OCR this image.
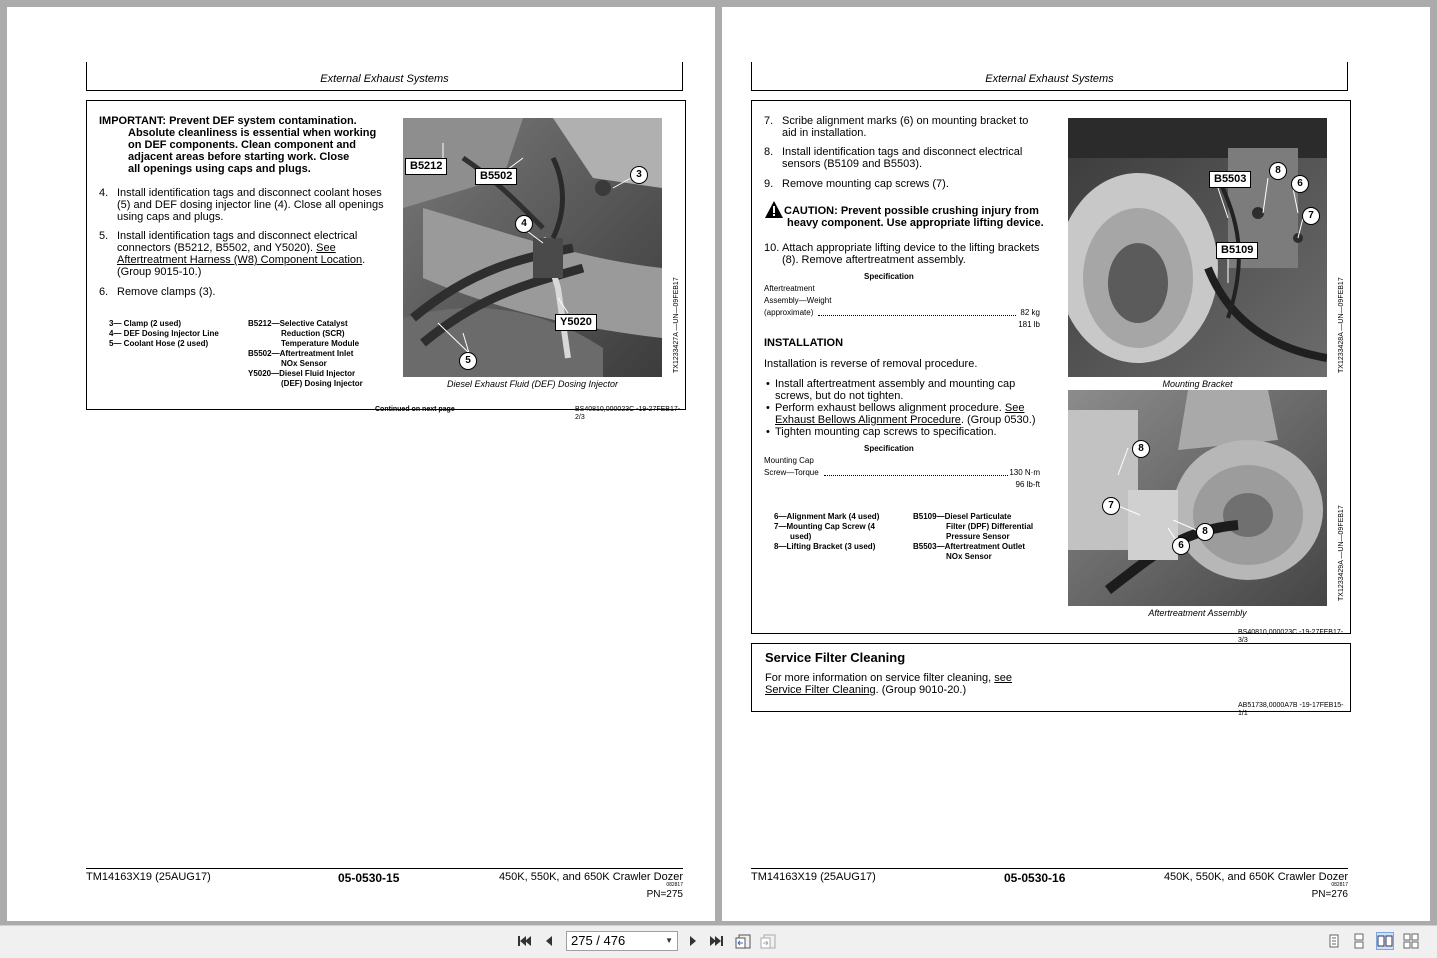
External Exhaust Systems
IMPORTANT: Prevent DEF system contamination.
Absolute cleanliness is essential when working
on DEF components. Clean component and
adjacent areas before starting work. Close
all openings using caps and plugs.
4. Install identification tags and disconnect coolant hoses
(5) and DEF dosing injector line (4). Close all openings
using caps and plugs.
5. Install identification tags and disconnect electrical
connectors (B5212, B5502, and Y5020). See
Aftertreatment Harness (W8) Component Location.
(Group 9015-10.)
6. Remove clamps (3).
3— Clamp (2 used)
4— DEF Dosing Injector Line
5— Coolant Hose (2 used)
B5212—Selective Catalyst
Reduction (SCR)
Temperature Module
B5502—Aftertreatment Inlet
NOx Sensor
Y5020—Diesel Fluid Injector
(DEF) Dosing Injector
B5212
B5502
Y5020
3
4
5	TX1233427A —UN—09FEB17
Diesel Exhaust Fluid (DEF) Dosing Injector
Continued on next page	BS40810,000023C -19-27FEB17-2/3
TM14163X19 (25AUG17)	05-0530-15	450K, 550K, and 650K Crawler Dozer
082817
PN=275
External Exhaust Systems
7. Scribe alignment marks (6) on mounting bracket to
aid in installation.
8. Install identification tags and disconnect electrical
sensors (B5109 and B5503).
9. Remove mounting cap screws (7).
CAUTION: Prevent possible crushing injury from
heavy component. Use appropriate lifting device.
10. Attach appropriate lifting device to the lifting brackets
(8). Remove aftertreatment assembly.
Specification
Aftertreatment
Assembly—Weight
(approximate)	82 kg
181 lb
INSTALLATION
Installation is reverse of removal procedure.
• Install aftertreatment assembly and mounting cap
screws, but do not tighten.
• Perform exhaust bellows alignment procedure. See
Exhaust Bellows Alignment Procedure. (Group 0530.)
• Tighten mounting cap screws to specification.
Specification
Mounting Cap
Screw—Torque	130 N·m
96 lb-ft
6—Alignment Mark (4 used)
7—Mounting Cap Screw (4
used)
8—Lifting Bracket (3 used)
B5109—Diesel Particulate
Filter (DPF) Differential
Pressure Sensor
B5503—Aftertreatment Outlet
NOx Sensor
B5503
B5109
8
6
7
TX1233428A —UN—09FEB17
Mounting Bracket
8
7
8
6	TX1233429A —UN—09FEB17
Aftertreatment Assembly
BS40810,000023C -19-27FEB17-3/3
Service Filter Cleaning
For more information on service filter cleaning, see
Service Filter Cleaning. (Group 9010-20.)
AB51738,0000A7B -19-17FEB15-1/1
TM14163X19 (25AUG17)	05-0530-16	450K, 550K, and 650K Crawler Dozer
082817
PN=276
275 / 476	▼
